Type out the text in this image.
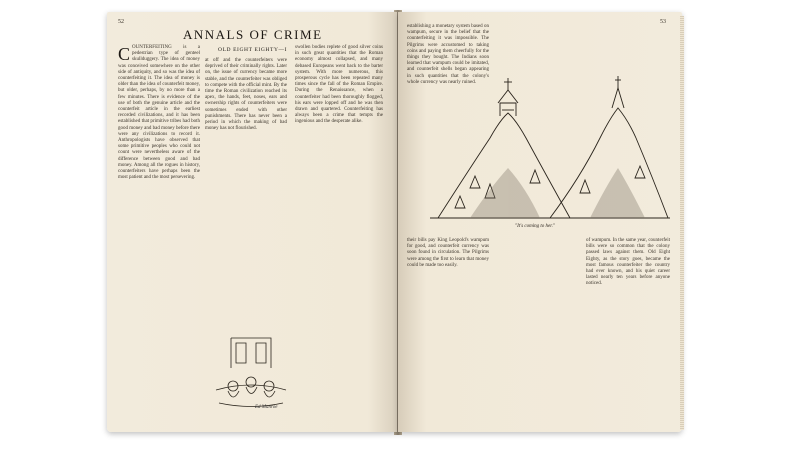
52
ANNALS OF CRIME
OLD EIGHT EIGHTY—I
C OUNTERFEITING is a pedestrian type of genteel skullduggery. The idea of money was conceived somewhere on the other side of antiquity, and so was the idea of counterfeiting it. The idea of money is older than the idea of counterfeit money, but older, perhaps, by no more than a few minutes. There is evidence of the use of both the genuine article and the counterfeit article in the earliest recorded civilizations, and it has been established that primitive tribes had both good money and bad money before there were any civilizations to record it. Anthropologists have observed that some primitive peoples who could not count were nevertheless aware of the difference between good and bad money. Among all the rogues in history, counterfeiters have perhaps been the most patient and the most persevering.
at off and the counterfeiters were deprived of their criminally rights. Later on, the issue of currency became more stable, and the counterfeiter was obliged to compete with the official mint. By the time the Roman civilization reached its apex, the hands, feet, noses, ears and ownership rights of counterfeiters were sometimes ended with other punishments. There has never been a period in which the making of bad money has not flourished.
swollen bodies replete of good silver coins in such great quantities that the Roman economy almost collapsed, and many debased Europeans went back to the barter system. With more numerous, this prosperous cycle has been repeated many times since the fall of the Roman Empire. During the Renaissance, when a counterfeiter had been thoroughly flogged, his ears were lopped off and he was then drawn and quartered. Counterfeiting has always been a crime that tempts the ingenious and the desperate alike.
Ed Munroe
53
establishing a monetary system based on wampum, secure in the belief that the counterfeiting it was impossible. The Pilgrims were accustomed to taking coins and paying them cheerfully for the things they bought. The Indians soon learned that wampum could be imitated, and counterfeit shells began appearing in such quantities that the colony's whole currency was nearly ruined.
"It's coming to her."
their bills pay King Leopold's wampum for good, and counterfeit currency was soon found in circulation. The Pilgrims were among the first to learn that money could be made too easily.
of wampum. In the same year, counterfeit bills were so common that the colony passed laws against them. Old Eight Eighty, as the story goes, became the most famous counterfeiter the country had ever known, and his quiet career lasted nearly ten years before anyone noticed.
